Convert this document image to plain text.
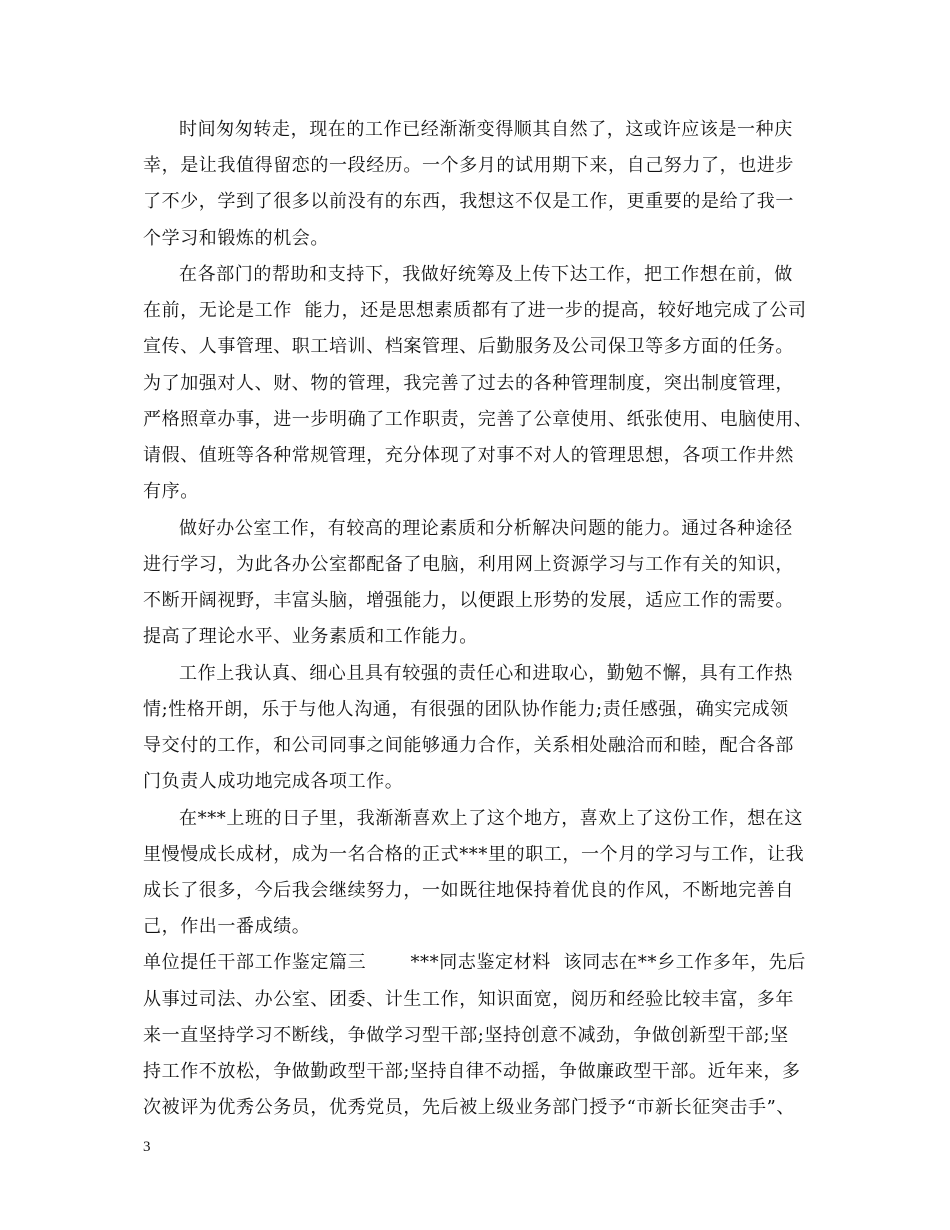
时间匆匆转走，现在的工作已经渐渐变得顺其自然了，这或许应该是一种庆
幸，是让我值得留恋的一段经历。一个多月的试用期下来，自己努力了，也进步
了不少，学到了很多以前没有的东西，我想这不仅是工作，更重要的是给了我一
个学习和锻炼的机会。
在各部门的帮助和支持下，我做好统筹及上传下达工作，把工作想在前，做
在前，无论是工作  能力，还是思想素质都有了进一步的提高，较好地完成了公司
宣传、人事管理、职工培训、档案管理、后勤服务及公司保卫等多方面的任务。
为了加强对人、财、物的管理，我完善了过去的各种管理制度，突出制度管理，
严格照章办事，进一步明确了工作职责，完善了公章使用、纸张使用、电脑使用、
请假、值班等各种常规管理，充分体现了对事不对人的管理思想，各项工作井然
有序。
做好办公室工作，有较高的理论素质和分析解决问题的能力。通过各种途径
进行学习，为此各办公室都配备了电脑，利用网上资源学习与工作有关的知识，
不断开阔视野，丰富头脑，增强能力，以便跟上形势的发展，适应工作的需要。
提高了理论水平、业务素质和工作能力。
工作上我认真、细心且具有较强的责任心和进取心，勤勉不懈，具有工作热
情;性格开朗，乐于与他人沟通，有很强的团队协作能力;责任感强，确实完成领
导交付的工作，和公司同事之间能够通力合作，关系相处融洽而和睦，配合各部
门负责人成功地完成各项工作。
在***上班的日子里，我渐渐喜欢上了这个地方，喜欢上了这份工作，想在这
里慢慢成长成材，成为一名合格的正式***里的职工，一个月的学习与工作，让我
成长了很多，今后我会继续努力，一如既往地保持着优良的作风，不断地完善自
己，作出一番成绩。
单位提任干部工作鉴定篇三       ***同志鉴定材料  该同志在**乡工作多年，先后
从事过司法、办公室、团委、计生工作，知识面宽，阅历和经验比较丰富，多年
来一直坚持学习不断线，争做学习型干部;坚持创意不减劲，争做创新型干部;坚
持工作不放松，争做勤政型干部;坚持自律不动摇，争做廉政型干部。近年来，多
次被评为优秀公务员，优秀党员，先后被上级业务部门授予“市新长征突击手”、
3
